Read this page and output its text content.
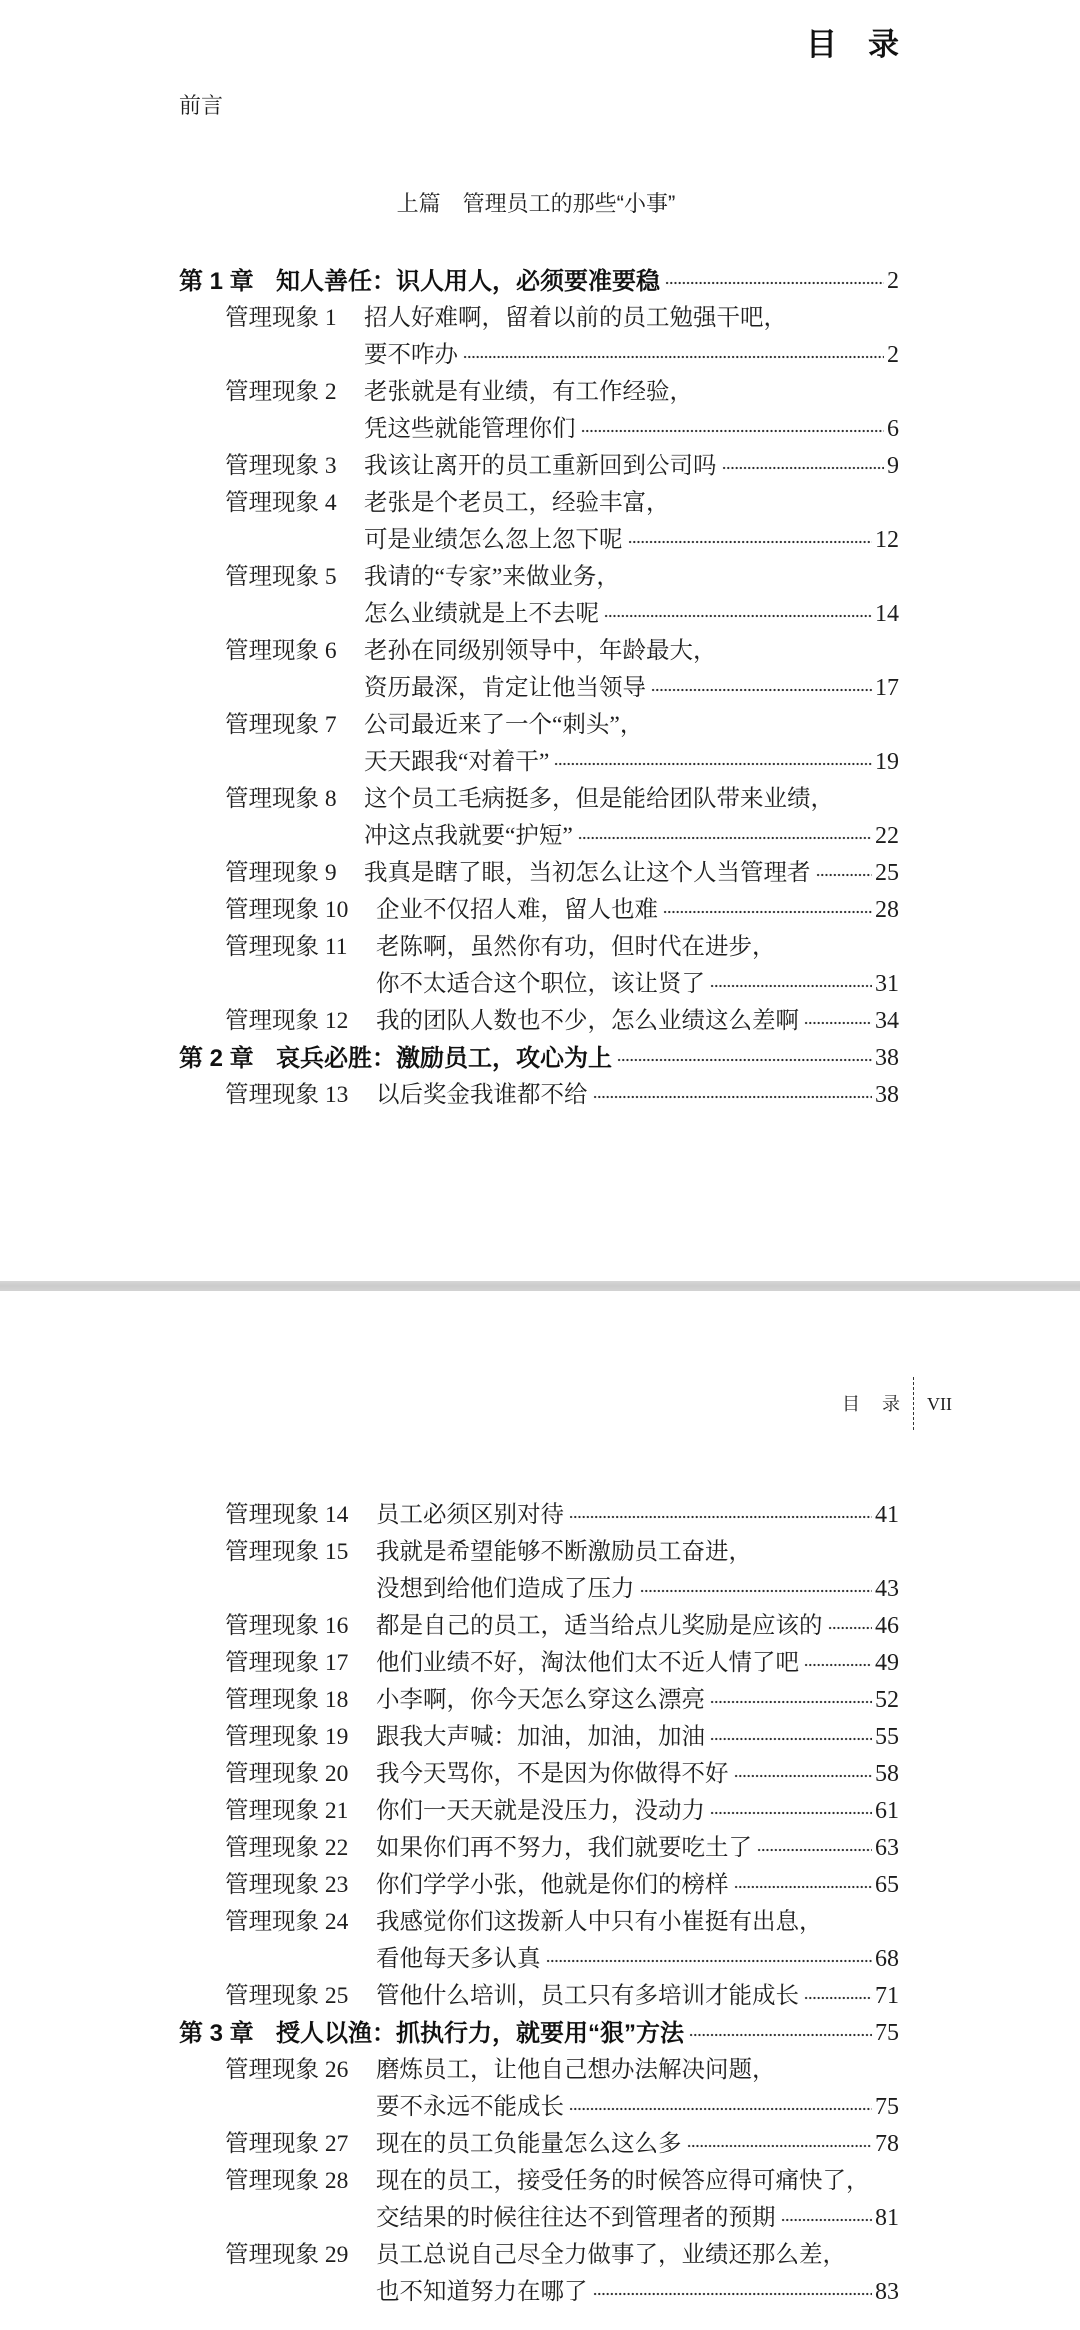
目　录
前言
上篇　管理员工的那些“小事”
第 1 章 知人善任：识人用人，必须要准要稳	2
管理现象 1 招人好难啊，留着以前的员工勉强干吧，
要不咋办	2
管理现象 2 老张就是有业绩，有工作经验，
凭这些就能管理你们	6
管理现象 3 我该让离开的员工重新回到公司吗	9
管理现象 4 老张是个老员工，经验丰富，
可是业绩怎么忽上忽下呢	12
管理现象 5 我请的“专家”来做业务，
怎么业绩就是上不去呢	14
管理现象 6 老孙在同级别领导中，年龄最大，
资历最深，肯定让他当领导	17
管理现象 7 公司最近来了一个“刺头”，
天天跟我“对着干”	19
管理现象 8 这个员工毛病挺多，但是能给团队带来业绩，
冲这点我就要“护短”	22
管理现象 9 我真是瞎了眼，当初怎么让这个人当管理者	25
管理现象 10 企业不仅招人难，留人也难	28
管理现象 11 老陈啊，虽然你有功，但时代在进步，
你不太适合这个职位，该让贤了	31
管理现象 12 我的团队人数也不少，怎么业绩这么差啊	34
第 2 章 哀兵必胜：激励员工，攻心为上	38
管理现象 13 以后奖金我谁都不给	38
目　录 VII
管理现象 14 员工必须区别对待	41
管理现象 15 我就是希望能够不断激励员工奋进，
没想到给他们造成了压力	43
管理现象 16 都是自己的员工，适当给点儿奖励是应该的 46
管理现象 17 他们业绩不好，淘汰他们太不近人情了吧	49
管理现象 18 小李啊，你今天怎么穿这么漂亮	52
管理现象 19 跟我大声喊：加油，加油，加油	55
管理现象 20 我今天骂你，不是因为你做得不好	58
管理现象 21 你们一天天就是没压力，没动力	61
管理现象 22 如果你们再不努力，我们就要吃土了	63
管理现象 23 你们学学小张，他就是你们的榜样	65
管理现象 24 我感觉你们这拨新人中只有小崔挺有出息，
看他每天多认真	68
管理现象 25 管他什么培训，员工只有多培训才能成长	71
第 3 章 授人以渔：抓执行力，就要用“狠”方法	75
管理现象 26 磨炼员工，让他自己想办法解决问题，
要不永远不能成长	75
管理现象 27 现在的员工负能量怎么这么多	78
管理现象 28 现在的员工，接受任务的时候答应得可痛快了，
交结果的时候往往达不到管理者的预期	81
管理现象 29 员工总说自己尽全力做事了，业绩还那么差，
也不知道努力在哪了	83
